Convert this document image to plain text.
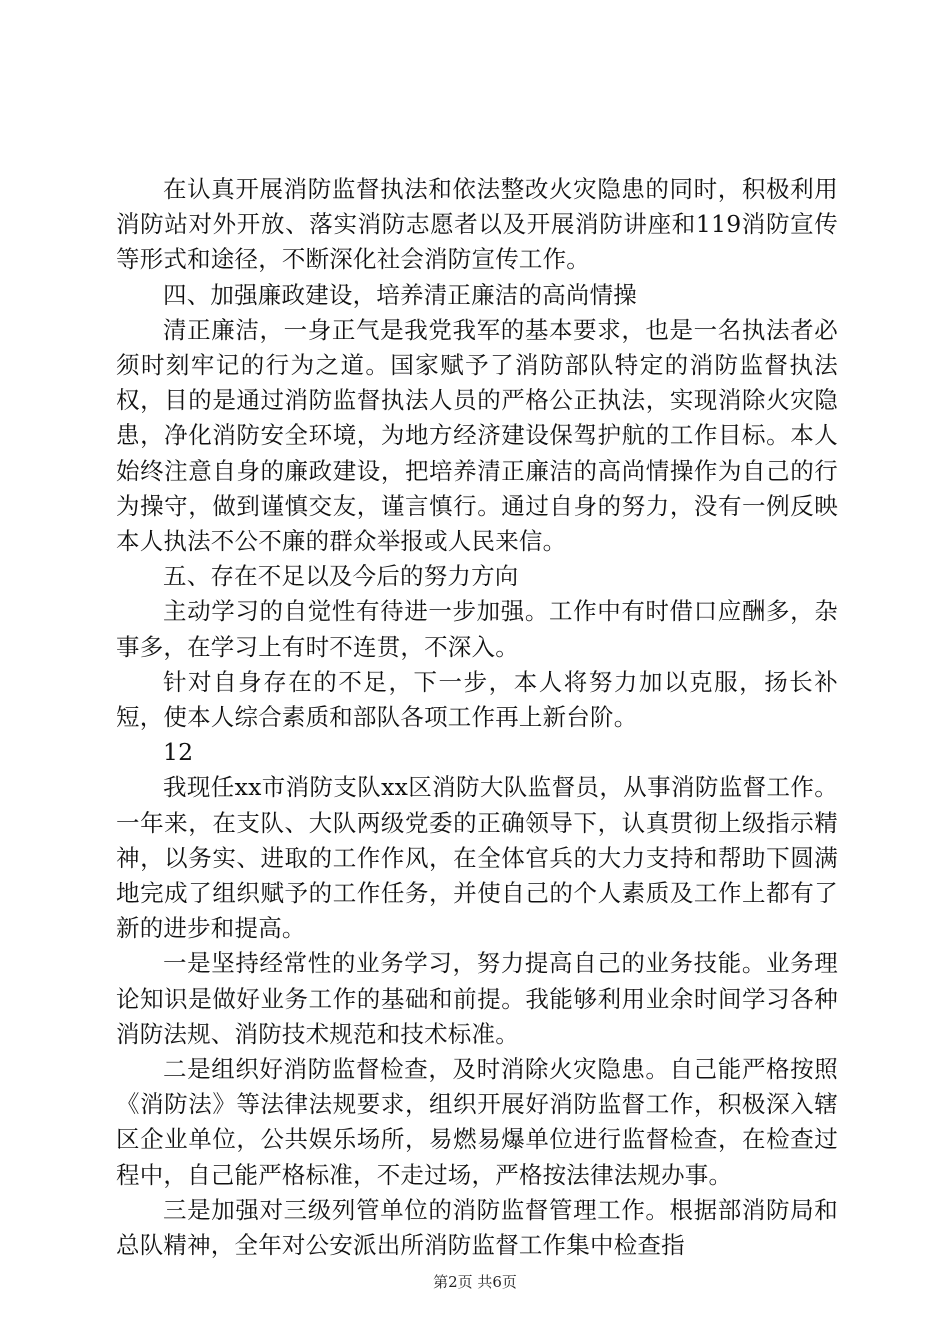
在认真开展消防监督执法和依法整改火灾隐患的同时，积极利用消防站对外开放、落实消防志愿者以及开展消防讲座和119消防宣传等形式和途径，不断深化社会消防宣传工作。

四、加强廉政建设，培养清正廉洁的高尚情操

清正廉洁，一身正气是我党我军的基本要求，也是一名执法者必须时刻牢记的行为之道。国家赋予了消防部队特定的消防监督执法权，目的是通过消防监督执法人员的严格公正执法，实现消除火灾隐患，净化消防安全环境，为地方经济建设保驾护航的工作目标。本人始终注意自身的廉政建设，把培养清正廉洁的高尚情操作为自己的行为操守，做到谨慎交友，谨言慎行。通过自身的努力，没有一例反映本人执法不公不廉的群众举报或人民来信。

五、存在不足以及今后的努力方向

主动学习的自觉性有待进一步加强。工作中有时借口应酬多，杂事多，在学习上有时不连贯，不深入。

针对自身存在的不足，下一步，本人将努力加以克服，扬长补短，使本人综合素质和部队各项工作再上新台阶。

12

我现任xx市消防支队xx区消防大队监督员，从事消防监督工作。一年来，在支队、大队两级党委的正确领导下，认真贯彻上级指示精神，以务实、进取的工作作风，在全体官兵的大力支持和帮助下圆满地完成了组织赋予的工作任务，并使自己的个人素质及工作上都有了新的进步和提高。

一是坚持经常性的业务学习，努力提高自己的业务技能。业务理论知识是做好业务工作的基础和前提。我能够利用业余时间学习各种消防法规、消防技术规范和技术标准。

二是组织好消防监督检查，及时消除火灾隐患。自己能严格按照《消防法》等法律法规要求，组织开展好消防监督工作，积极深入辖区企业单位，公共娱乐场所，易燃易爆单位进行监督检查，在检查过程中，自己能严格标准，不走过场，严格按法律法规办事。

三是加强对三级列管单位的消防监督管理工作。根据部消防局和总队精神，全年对公安派出所消防监督工作集中检查指

第2页 共6页
